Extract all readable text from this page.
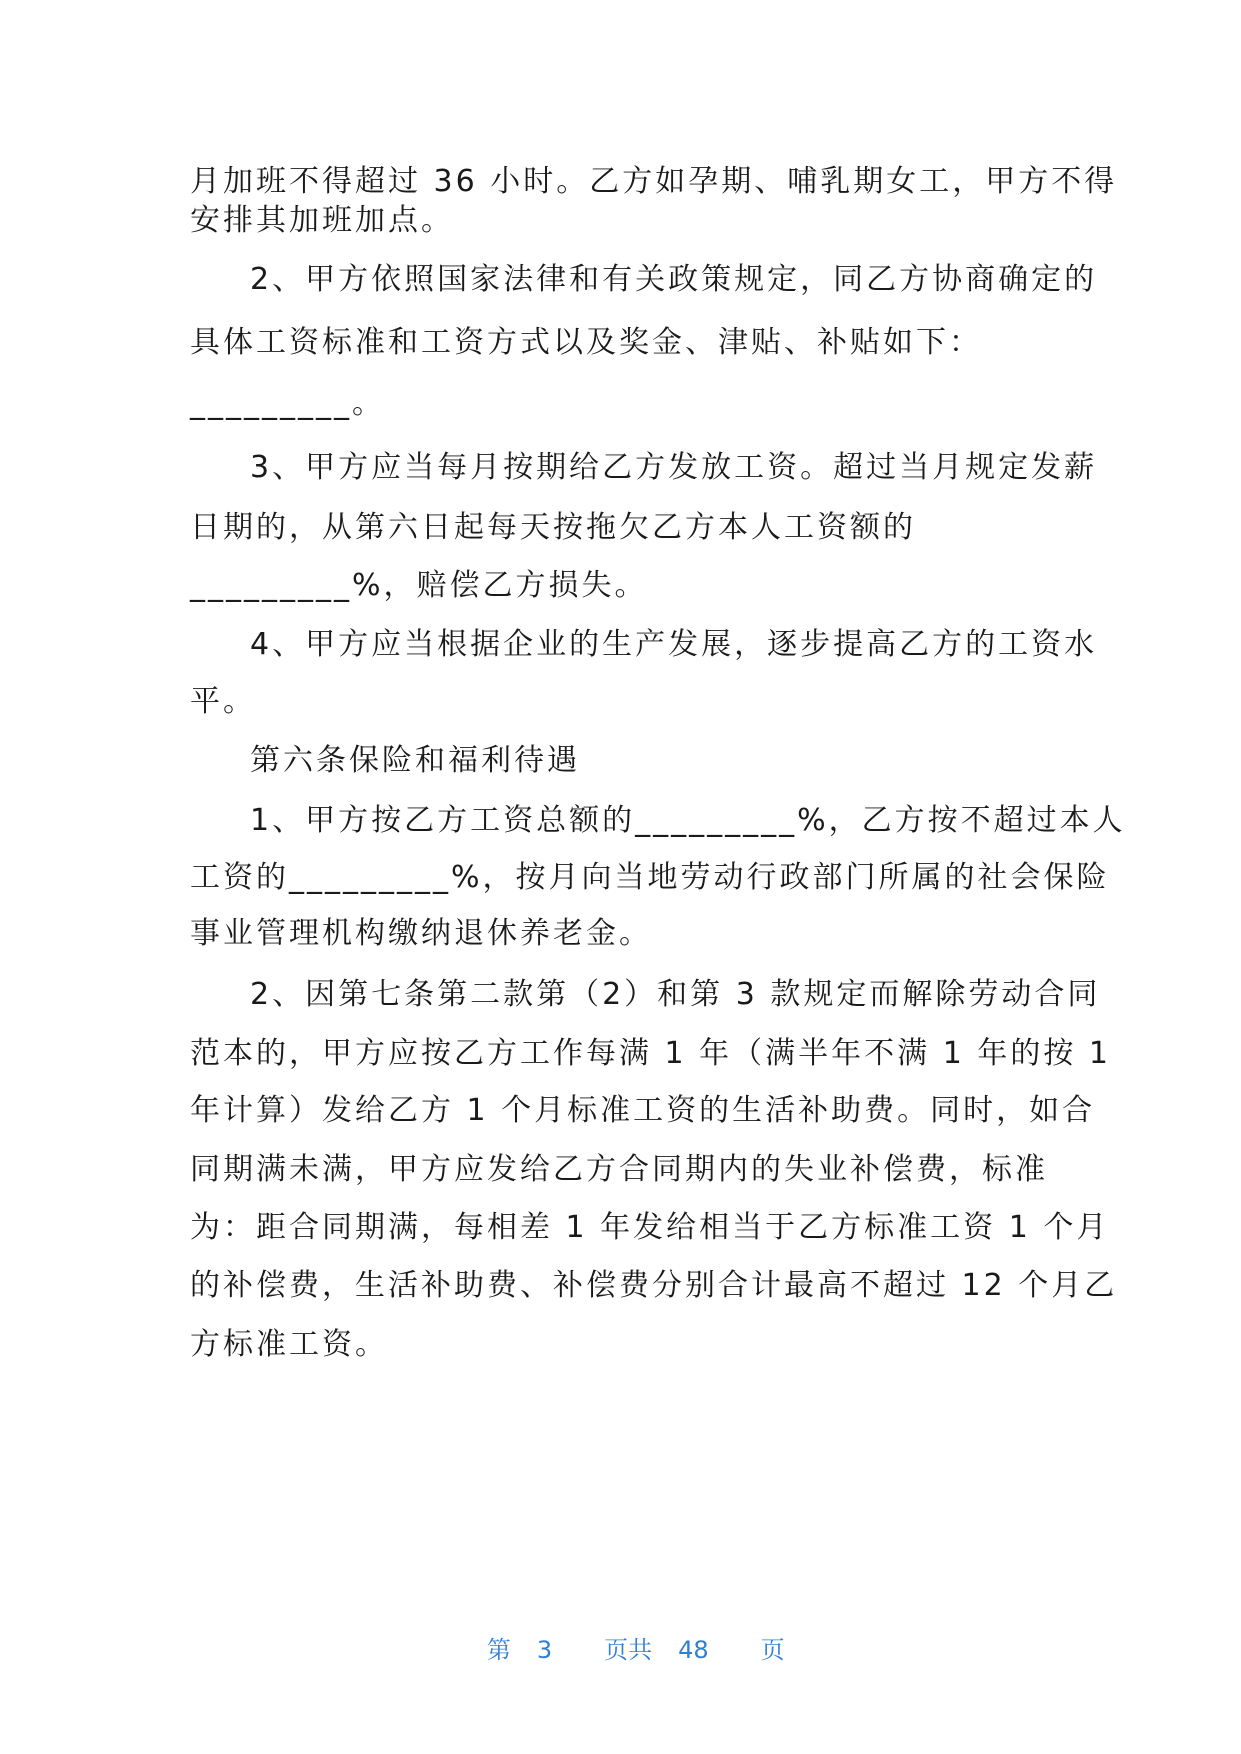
月加班不得超过 36 小时。乙方如孕期、哺乳期女工，甲方不得
安排其加班加点。
2、甲方依照国家法律和有关政策规定，同乙方协商确定的
具体工资标准和工资方式以及奖金、津贴、补贴如下：
_________。
3、甲方应当每月按期给乙方发放工资。超过当月规定发薪
日期的，从第六日起每天按拖欠乙方本人工资额的
_________%，赔偿乙方损失。
4、甲方应当根据企业的生产发展，逐步提高乙方的工资水
平。
第六条保险和福利待遇
1、甲方按乙方工资总额的_________%，乙方按不超过本人
工资的_________%，按月向当地劳动行政部门所属的社会保险
事业管理机构缴纳退休养老金。
2、因第七条第二款第（2）和第 3 款规定而解除劳动合同
范本的，甲方应按乙方工作每满 1 年（满半年不满 1 年的按 1
年计算）发给乙方 1 个月标准工资的生活补助费。同时，如合
同期满未满，甲方应发给乙方合同期内的失业补偿费，标准
为：距合同期满，每相差 1 年发给相当于乙方标准工资 1 个月
的补偿费，生活补助费、补偿费分别合计最高不超过 12 个月乙
方标准工资。

第 3 页共 48 页
